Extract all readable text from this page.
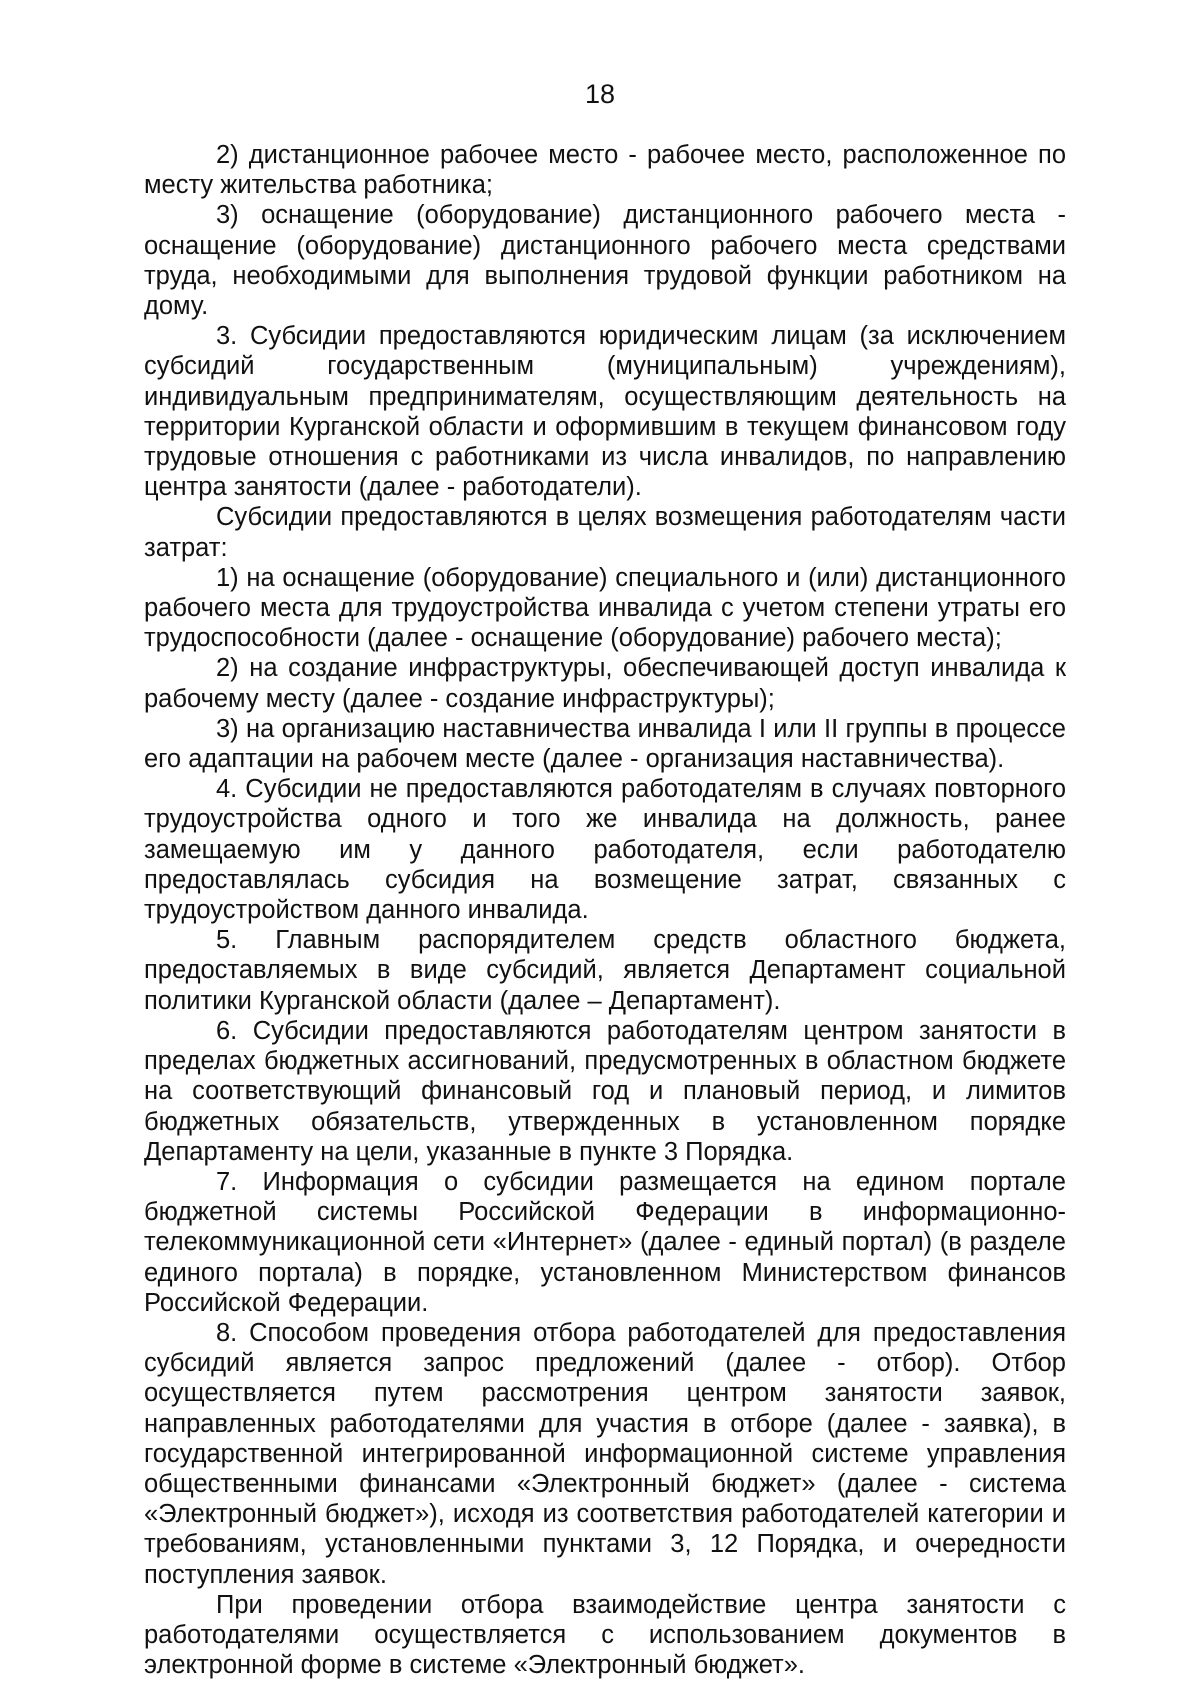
18

2) дистанционное рабочее место - рабочее место, расположенное по месту жительства работника;

3) оснащение (оборудование) дистанционного рабочего места - оснащение (оборудование) дистанционного рабочего места средствами труда, необходимыми для выполнения трудовой функции работником на дому.

3. Субсидии предоставляются юридическим лицам (за исключением субсидий государственным (муниципальным) учреждениям), индивидуальным предпринимателям, осуществляющим деятельность на территории Курганской области и оформившим в текущем финансовом году трудовые отношения с работниками из числа инвалидов, по направлению центра занятости (далее - работодатели).

Субсидии предоставляются в целях возмещения работодателям части затрат:

1) на оснащение (оборудование) специального и (или) дистанционного рабочего места для трудоустройства инвалида с учетом степени утраты его трудоспособности (далее - оснащение (оборудование) рабочего места);

2) на создание инфраструктуры, обеспечивающей доступ инвалида к рабочему месту (далее - создание инфраструктуры);

3) на организацию наставничества инвалида I или II группы в процессе его адаптации на рабочем месте (далее - организация наставничества).

4. Субсидии не предоставляются работодателям в случаях повторного трудоустройства одного и того же инвалида на должность, ранее замещаемую им у данного работодателя, если работодателю предоставлялась субсидия на возмещение затрат, связанных с трудоустройством данного инвалида.

5. Главным распорядителем средств областного бюджета, предоставляемых в виде субсидий, является Департамент социальной политики Курганской области (далее – Департамент).

6. Субсидии предоставляются работодателям центром занятости в пределах бюджетных ассигнований, предусмотренных в областном бюджете на соответствующий финансовый год и плановый период, и лимитов бюджетных обязательств, утвержденных в установленном порядке Департаменту на цели, указанные в пункте 3 Порядка.

7. Информация о субсидии размещается на едином портале бюджетной системы Российской Федерации в информационно-телекоммуникационной сети «Интернет» (далее - единый портал) (в разделе единого портала) в порядке, установленном Министерством финансов Российской Федерации.

8. Способом проведения отбора работодателей для предоставления субсидий является запрос предложений (далее - отбор). Отбор осуществляется путем рассмотрения центром занятости заявок, направленных работодателями для участия в отборе (далее - заявка), в государственной интегрированной информационной системе управления общественными финансами «Электронный бюджет» (далее - система «Электронный бюджет»), исходя из соответствия работодателей категории и требованиям, установленными пунктами 3, 12 Порядка, и очередности поступления заявок.

При проведении отбора взаимодействие центра занятости с работодателями осуществляется с использованием документов в электронной форме в системе «Электронный бюджет».
